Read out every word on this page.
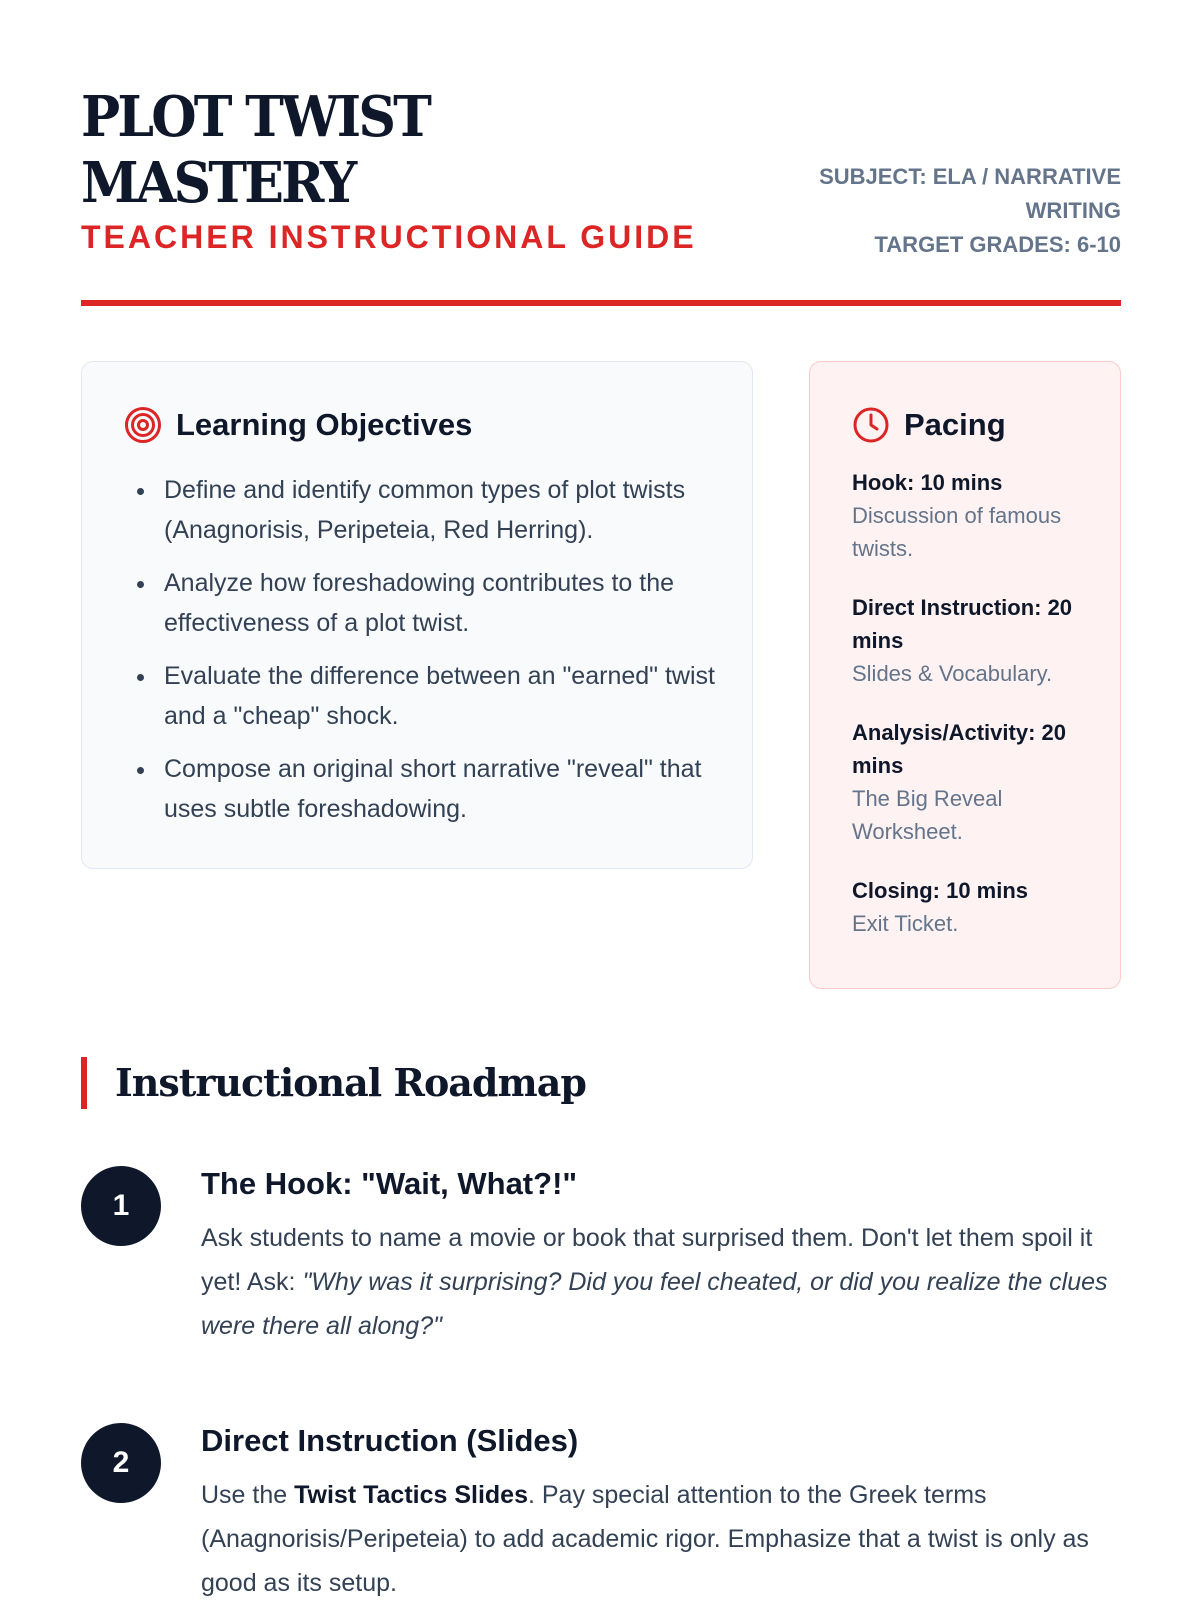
PLOT TWIST
MASTERY
TEACHER INSTRUCTIONAL GUIDE
SUBJECT: ELA / NARRATIVE
WRITING
TARGET GRADES: 6-10
Learning Objectives
Define and identify common types of plot twists (Anagnorisis, Peripeteia, Red Herring).
Analyze how foreshadowing contributes to the effectiveness of a plot twist.
Evaluate the difference between an "earned" twist and a "cheap" shock.
Compose an original short narrative "reveal" that uses subtle foreshadowing.
Pacing
Hook: 10 mins
Discussion of famous twists.
Direct Instruction: 20 mins
Slides & Vocabulary.
Analysis/Activity: 20 mins
The Big Reveal Worksheet.
Closing: 10 mins
Exit Ticket.
Instructional Roadmap
1
The Hook: "Wait, What?!"
Ask students to name a movie or book that surprised them. Don't let them spoil it yet! Ask: "Why was it surprising? Did you feel cheated, or did you realize the clues were there all along?"
2
Direct Instruction (Slides)
Use the Twist Tactics Slides. Pay special attention to the Greek terms (Anagnorisis/Peripeteia) to add academic rigor. Emphasize that a twist is only as good as its setup.
